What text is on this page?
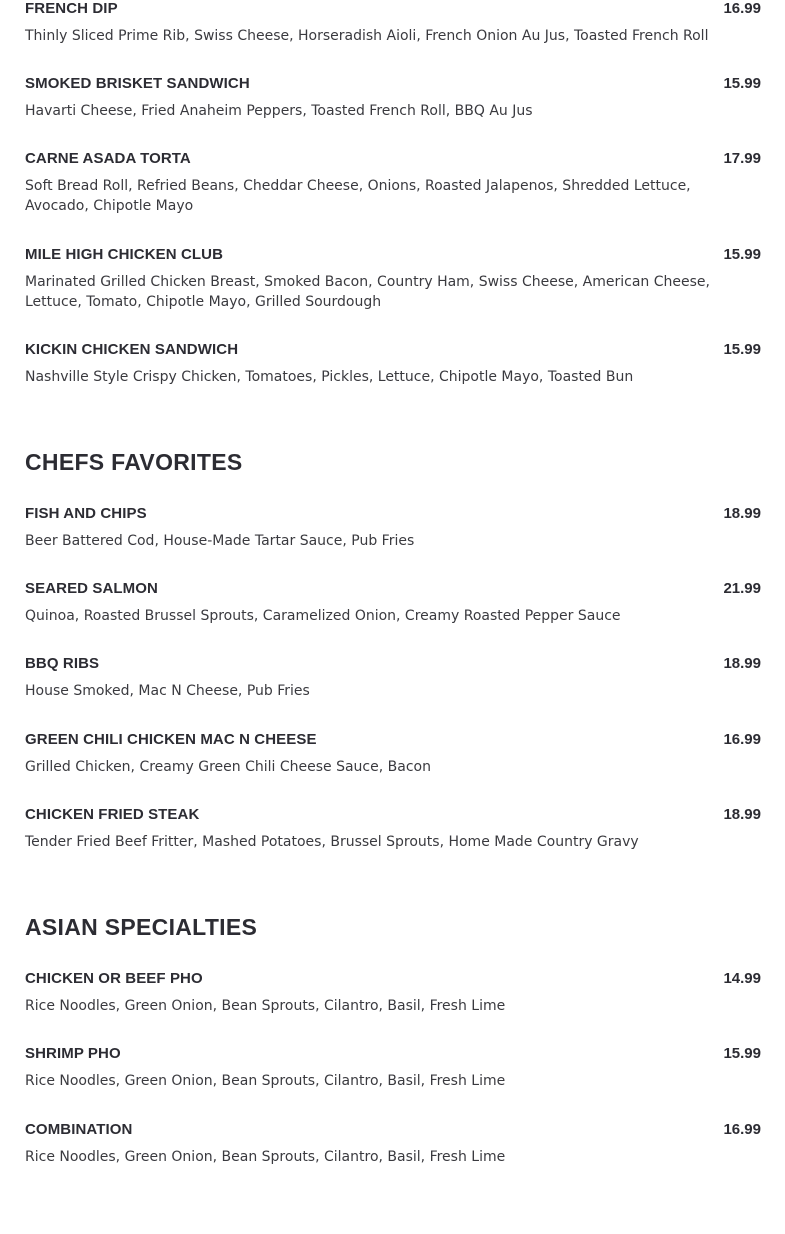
FRENCH DIP	16.99
Thinly Sliced Prime Rib, Swiss Cheese, Horseradish Aioli, French Onion Au Jus, Toasted French Roll
SMOKED BRISKET SANDWICH	15.99
Havarti Cheese, Fried Anaheim Peppers, Toasted French Roll, BBQ Au Jus
CARNE ASADA TORTA	17.99
Soft Bread Roll, Refried Beans, Cheddar Cheese, Onions, Roasted Jalapenos, Shredded Lettuce, Avocado, Chipotle Mayo
MILE HIGH CHICKEN CLUB	15.99
Marinated Grilled Chicken Breast, Smoked Bacon, Country Ham, Swiss Cheese, American Cheese, Lettuce, Tomato, Chipotle Mayo, Grilled Sourdough
KICKIN CHICKEN SANDWICH	15.99
Nashville Style Crispy Chicken, Tomatoes, Pickles, Lettuce, Chipotle Mayo, Toasted Bun
CHEFS FAVORITES
FISH AND CHIPS	18.99
Beer Battered Cod, House-Made Tartar Sauce, Pub Fries
SEARED SALMON	21.99
Quinoa, Roasted Brussel Sprouts, Caramelized Onion, Creamy Roasted Pepper Sauce
BBQ RIBS	18.99
House Smoked, Mac N Cheese, Pub Fries
GREEN CHILI CHICKEN MAC N CHEESE	16.99
Grilled Chicken, Creamy Green Chili Cheese Sauce, Bacon
CHICKEN FRIED STEAK	18.99
Tender Fried Beef Fritter, Mashed Potatoes, Brussel Sprouts, Home Made Country Gravy
ASIAN SPECIALTIES
CHICKEN OR BEEF PHO	14.99
Rice Noodles, Green Onion, Bean Sprouts, Cilantro, Basil, Fresh Lime
SHRIMP PHO	15.99
Rice Noodles, Green Onion, Bean Sprouts, Cilantro, Basil, Fresh Lime
COMBINATION	16.99
Rice Noodles, Green Onion, Bean Sprouts, Cilantro, Basil, Fresh Lime
